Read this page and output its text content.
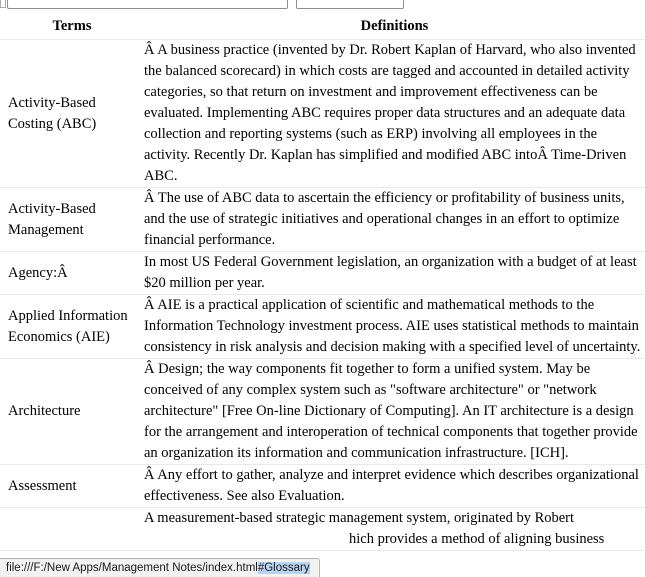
Terms	Definitions
Activity-Based Costing (ABC)	Â A business practice (invented by Dr. Robert Kaplan of Harvard, who also invented the balanced scorecard) in which costs are tagged and accounted in detailed activity categories, so that return on investment and improvement effectiveness can be evaluated. Implementing ABC requires proper data structures and an adequate data collection and reporting systems (such as ERP) involving all employees in the activity. Recently Dr. Kaplan has simplified and modified ABC intoÂ Time-Driven ABC.
Activity-Based Management	Â The use of ABC data to ascertain the efficiency or profitability of business units, and the use of strategic initiatives and operational changes in an effort to optimize financial performance.
Agency:Â	In most US Federal Government legislation, an organization with a budget of at least $20 million per year.
Applied Information Economics (AIE)	Â AIE is a practical application of scientific and mathematical methods to the Information Technology investment process. AIE uses statistical methods to maintain consistency in risk analysis and decision making with a specified level of uncertainty.
Architecture	Â Design; the way components fit together to form a unified system. May be conceived of any complex system such as "software architecture" or "network architecture" [Free On-line Dictionary of Computing]. An IT architecture is a design for the arrangement and interoperation of technical components that together provide an organization its information and communication infrastructure. [ICH].
Assessment	Â Any effort to gather, analyze and interpret evidence which describes organizational effectiveness. See also Evaluation.

	A measurement-based strategic management system, originated by Robert
hich provides a method of aligning business
file:///F:/New Apps/Management Notes/index.html#Glossary
